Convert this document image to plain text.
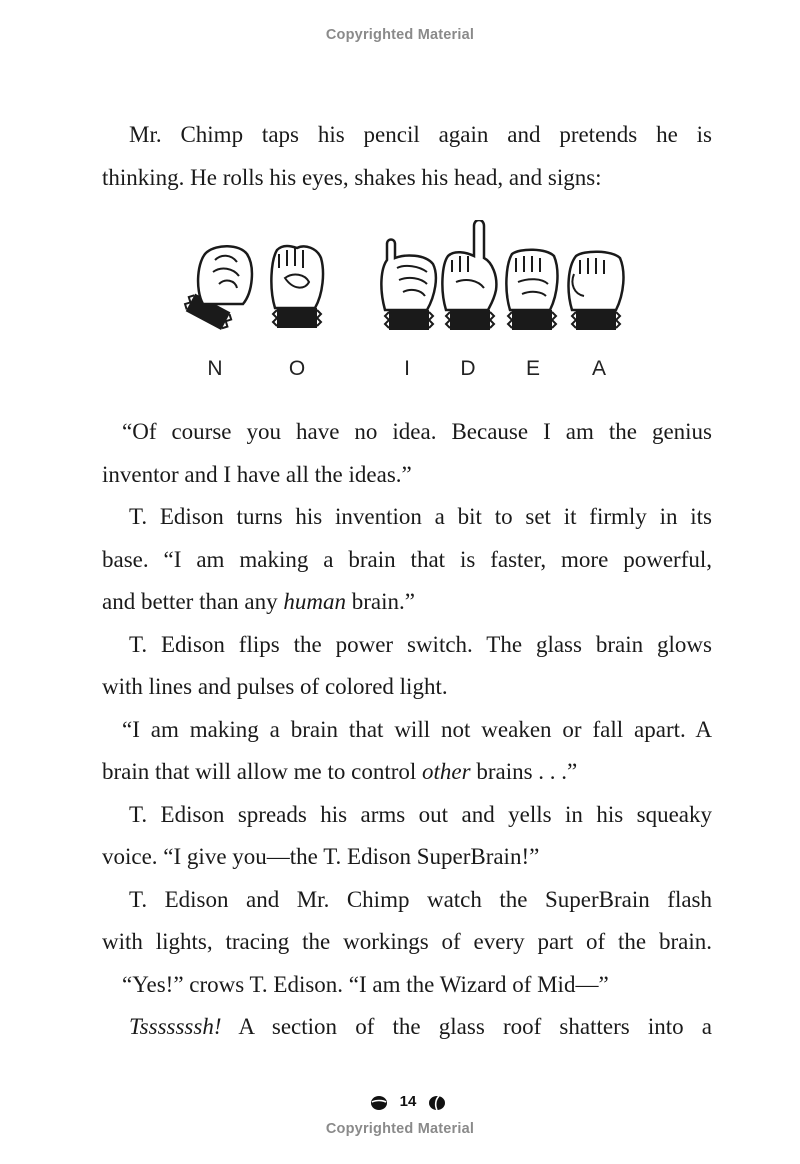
Copyrighted Material
Mr. Chimp taps his pencil again and pretends he is
thinking. He rolls his eyes, shakes his head, and signs:
N	O	I	D E A
“Of course you have no idea. Because I am the genius
inventor and I have all the ideas.”
T. Edison turns his invention a bit to set it firmly in its
base. “I am making a brain that is faster, more powerful,
and better than any human brain.”
T. Edison flips the power switch. The glass brain glows
with lines and pulses of colored light.
“I am making a brain that will not weaken or fall apart. A
brain that will allow me to control other brains . . .”
T. Edison spreads his arms out and yells in his squeaky
voice. “I give you—the T. Edison SuperBrain!”
T. Edison and Mr. Chimp watch the SuperBrain flash
with lights, tracing the workings of every part of the brain.
“Yes!” crows T. Edison. “I am the Wizard of Mid—”
Tsssssssh! A section of the glass roof shatters into a
14
Copyrighted Material
